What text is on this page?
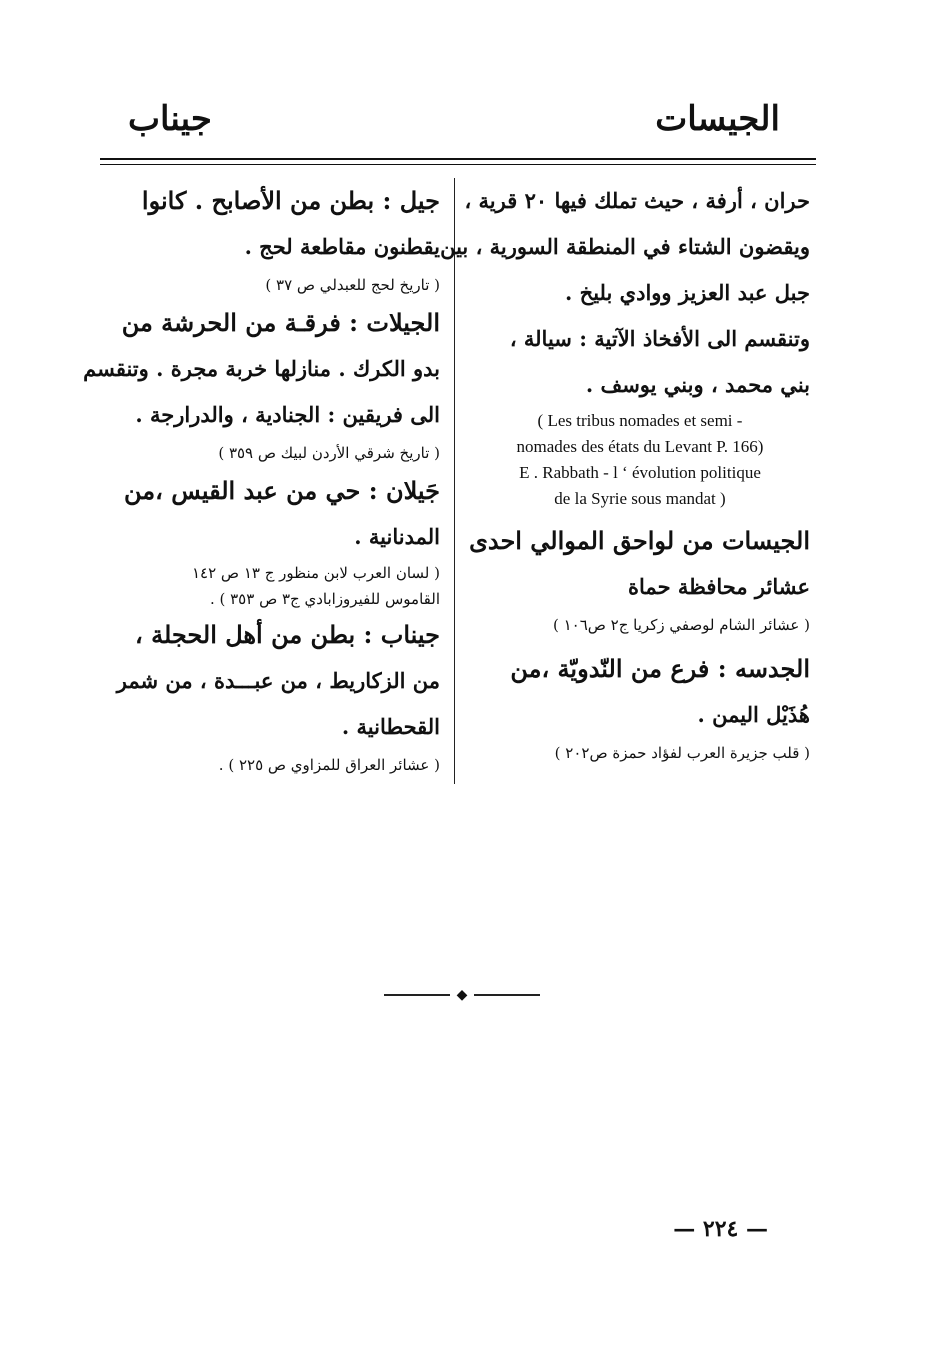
الجيسات
جيناب
حران ، أرفة ، حيث تملك فيها ٢٠ قرية ،
ويقضون الشتاء في المنطقة السورية ، بين
جبل عبد العزيز ووادي بليخ .
وتنقسم الى الأفخاذ الآتية : سيالة ،
بني محمد ، وبني يوسف .
( Les tribus nomades et semi -
nomades des états du Levant P. 166)
E . Rabbath - l ‘ évolution politique
de la Syrie sous mandat )
الجيسات من لواحق الموالي احدى
عشائر محافظة حماة
( عشائر الشام لوصفي زكريا ج٢ ص١٠٦ )
الجدسه : فرع من النّدويّة ،من
هُذَيْل اليمن .
( قلب جزيرة العرب لفؤاد حمزة ص٢٠٢ )
جيل : بطن من الأصابح . كانوا
يقطنون مقاطعة لحج .
( تاريخ لحج للعبدلي ص ٣٧ )
الجيلات : فرقـة من الحرشة من
بدو الكرك . منازلها خربة مجرة . وتنقسم
الى فريقين : الجنادية ، والدرارجة .
( تاريخ شرقي الأردن لبيك ص ٣٥٩ )
جَيلان : حي من عبد القيس ،من
المدنانية .
( لسان العرب لابن منظور ج ١٣ ص ١٤٢
القاموس للفيروزابادي ج٣ ص ٣٥٣ ) .
جيناب : بطن من أهل الحجلة ،
من الزكاريط ، من عبـــدة ، من شمر
القحطانية .
( عشائر العراق للمزاوي ص ٢٢٥ ) .
◆
— ٢٢٤ —
